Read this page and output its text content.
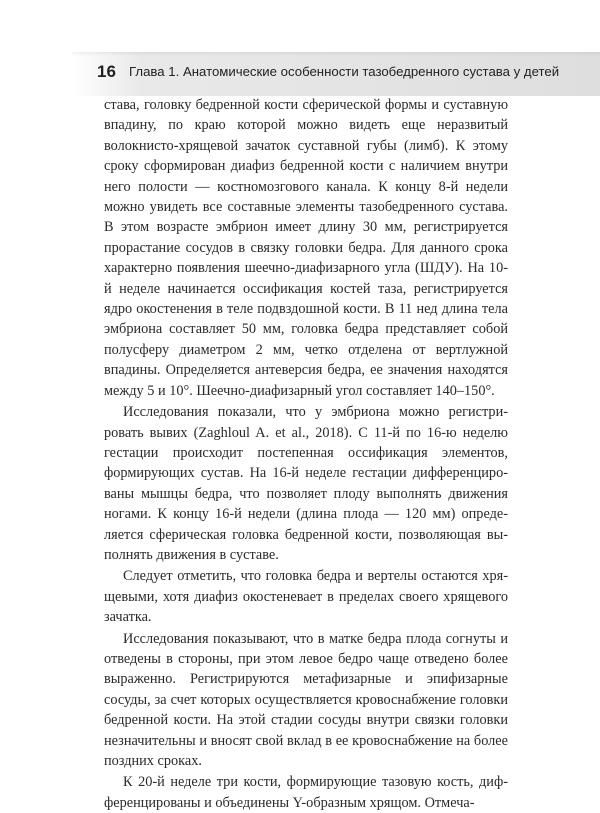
16 Глава 1. Анатомические особенности тазобедренного сустава у детей

става, головку бедренной кости сферической формы и суставную впадину, по краю которой можно видеть еще неразвитый волокнисто-хрящевой зачаток суставной губы (лимб). К этому сроку сформирован диафиз бедренной кости с наличием внутри него полости — костномозгового канала. К концу 8-й недели можно увидеть все составные элементы тазобедренного сустава. В этом возрасте эмбрион имеет длину 30 мм, регистрируется прорастание сосудов в связку головки бедра. Для данного срока характерно появления шеечно-диафизарного угла (ШДУ). На 10-й неделе начинается оссификация костей таза, регистрируется ядро окостенения в теле подвздошной кости. В 11 нед длина тела эмбриона составляет 50 мм, головка бедра представляет собой полусферу диаметром 2 мм, четко отделена от вертлужной впадины. Определяется антеверсия бедра, ее значения находятся между 5 и 10°. Шеечно-диафизарный угол составляет 140–150°.

Исследования показали, что у эмбриона можно регистрировать вывих (Zaghloul A. et al., 2018). С 11-й по 16-ю неделю гестации происходит постепенная оссификация элементов, формирующих сустав. На 16-й неделе гестации дифференцированы мышцы бедра, что позволяет плоду выполнять движения ногами. К концу 16-й недели (длина плода — 120 мм) определяется сферическая головка бедренной кости, позволяющая выполнять движения в суставе.

Следует отметить, что головка бедра и вертелы остаются хрящевыми, хотя диафиз окостеневает в пределах своего хрящевого зачатка.

Исследования показывают, что в матке бедра плода согнуты и отведены в стороны, при этом левое бедро чаще отведено более выраженно. Регистрируются метафизарные и эпифизарные сосуды, за счет которых осуществляется кровоснабжение головки бедренной кости. На этой стадии сосуды внутри связки головки незначительны и вносят свой вклад в ее кровоснабжение на более поздних сроках.

К 20-й неделе три кости, формирующие тазовую кость, дифференцированы и объединены Y-образным хрящом. Отмеча-
